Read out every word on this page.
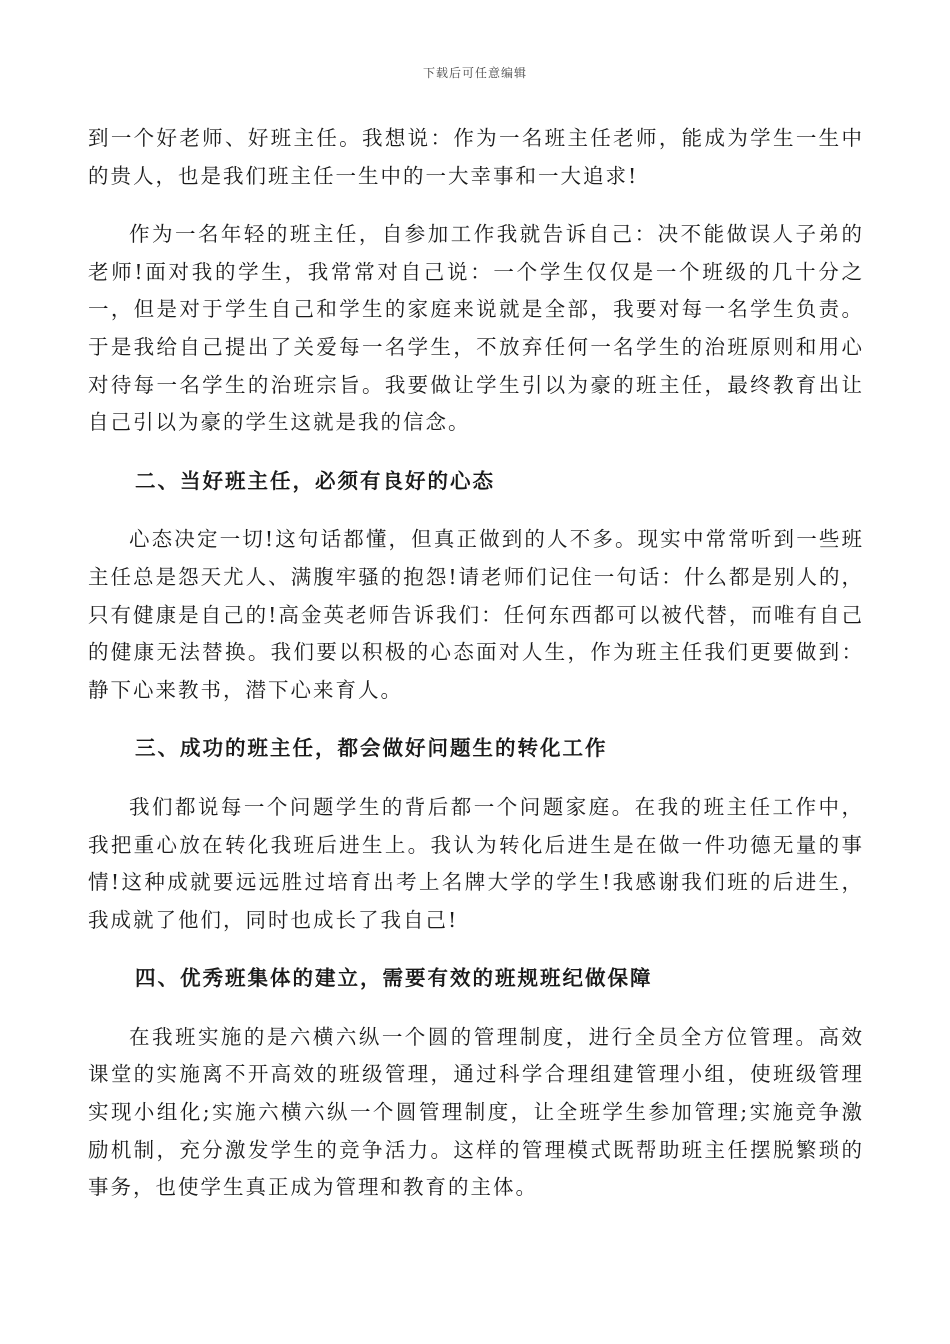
下载后可任意编辑

到一个好老师、好班主任。我想说：作为一名班主任老师，能成为学生一生中的贵人，也是我们班主任一生中的一大幸事和一大追求!

作为一名年轻的班主任，自参加工作我就告诉自己：决不能做误人子弟的老师!面对我的学生，我常常对自己说：一个学生仅仅是一个班级的几十分之一，但是对于学生自己和学生的家庭来说就是全部，我要对每一名学生负责。于是我给自己提出了关爱每一名学生，不放弃任何一名学生的治班原则和用心对待每一名学生的治班宗旨。我要做让学生引以为豪的班主任，最终教育出让自己引以为豪的学生这就是我的信念。

二、当好班主任，必须有良好的心态

心态决定一切!这句话都懂，但真正做到的人不多。现实中常常听到一些班主任总是怨天尤人、满腹牢骚的抱怨!请老师们记住一句话：什么都是别人的，只有健康是自己的!高金英老师告诉我们：任何东西都可以被代替，而唯有自己的健康无法替换。我们要以积极的心态面对人生，作为班主任我们更要做到：静下心来教书，潜下心来育人。

三、成功的班主任，都会做好问题生的转化工作

我们都说每一个问题学生的背后都一个问题家庭。在我的班主任工作中，我把重心放在转化我班后进生上。我认为转化后进生是在做一件功德无量的事情!这种成就要远远胜过培育出考上名牌大学的学生!我感谢我们班的后进生，我成就了他们，同时也成长了我自己!

四、优秀班集体的建立，需要有效的班规班纪做保障

在我班实施的是六横六纵一个圆的管理制度，进行全员全方位管理。高效课堂的实施离不开高效的班级管理，通过科学合理组建管理小组，使班级管理实现小组化;实施六横六纵一个圆管理制度，让全班学生参加管理;实施竞争激励机制，充分激发学生的竞争活力。这样的管理模式既帮助班主任摆脱繁琐的事务，也使学生真正成为管理和教育的主体。
